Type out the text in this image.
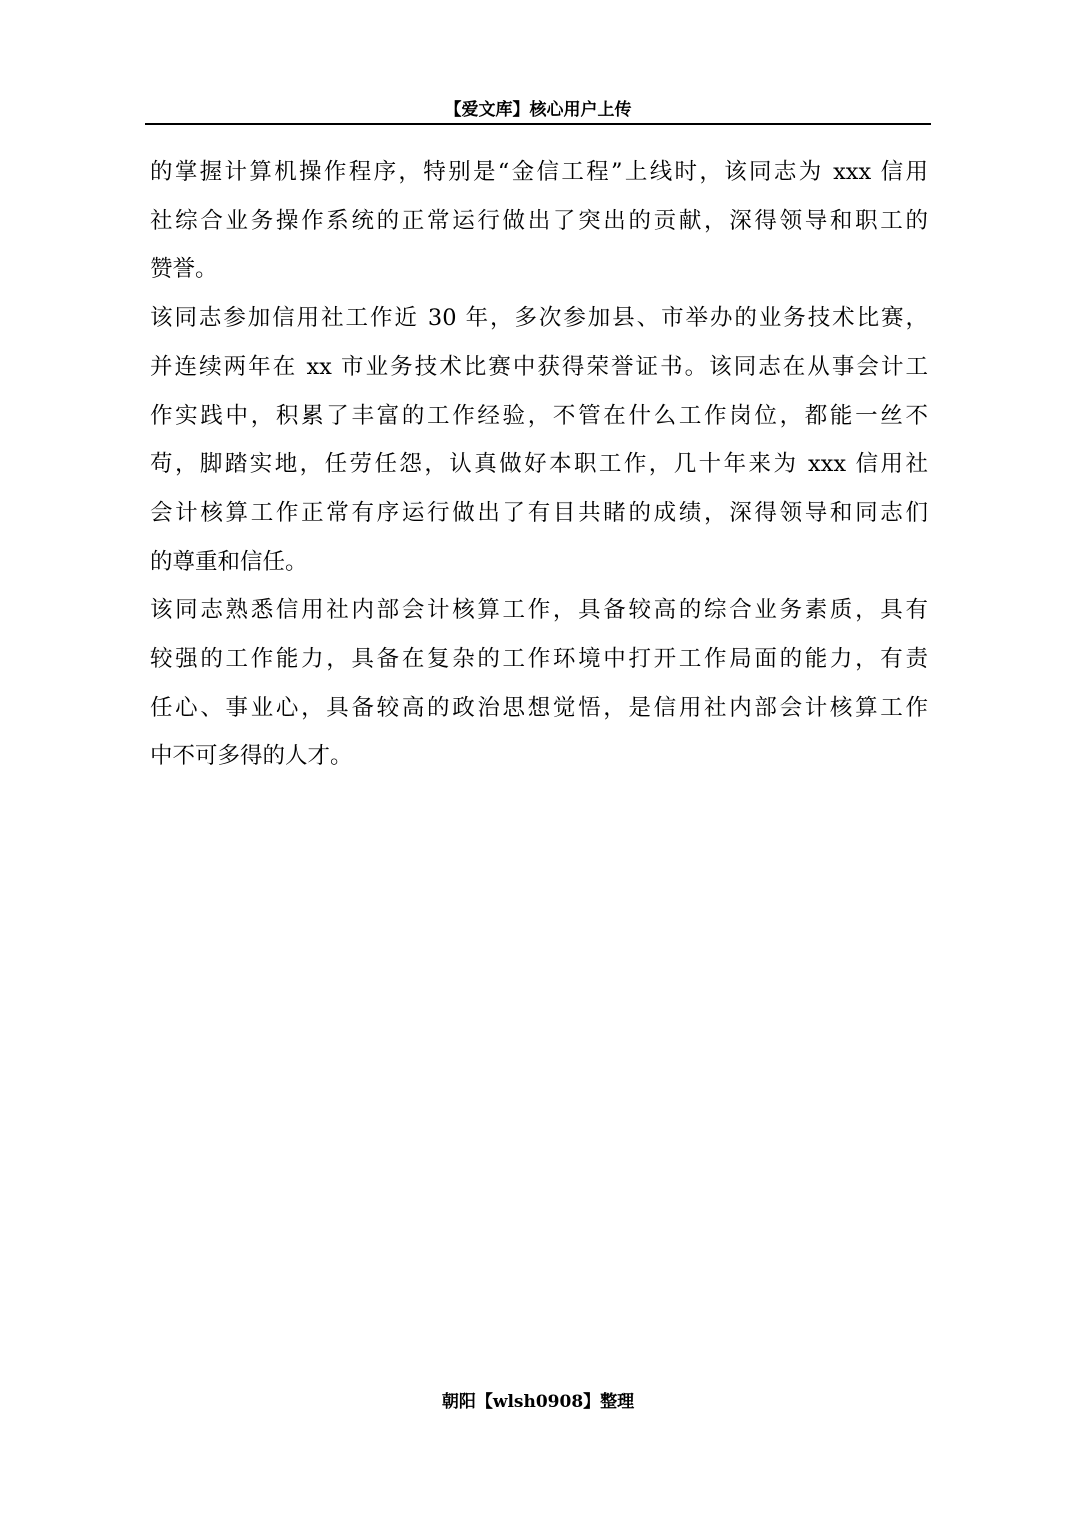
【爱文库】核心用户上传
的掌握计算机操作程序，特别是“金信工程”上线时，该同志为 xxx 信用
社综合业务操作系统的正常运行做出了突出的贡献，深得领导和职工的
赞誉。
该同志参加信用社工作近 30 年，多次参加县、市举办的业务技术比赛，
并连续两年在 xx 市业务技术比赛中获得荣誉证书。该同志在从事会计工
作实践中，积累了丰富的工作经验，不管在什么工作岗位，都能一丝不
苟，脚踏实地，任劳任怨，认真做好本职工作，几十年来为 xxx 信用社
会计核算工作正常有序运行做出了有目共睹的成绩，深得领导和同志们
的尊重和信任。
该同志熟悉信用社内部会计核算工作，具备较高的综合业务素质，具有
较强的工作能力，具备在复杂的工作环境中打开工作局面的能力，有责
任心、事业心，具备较高的政治思想觉悟，是信用社内部会计核算工作
中不可多得的人才。
朝阳【wlsh0908】整理
